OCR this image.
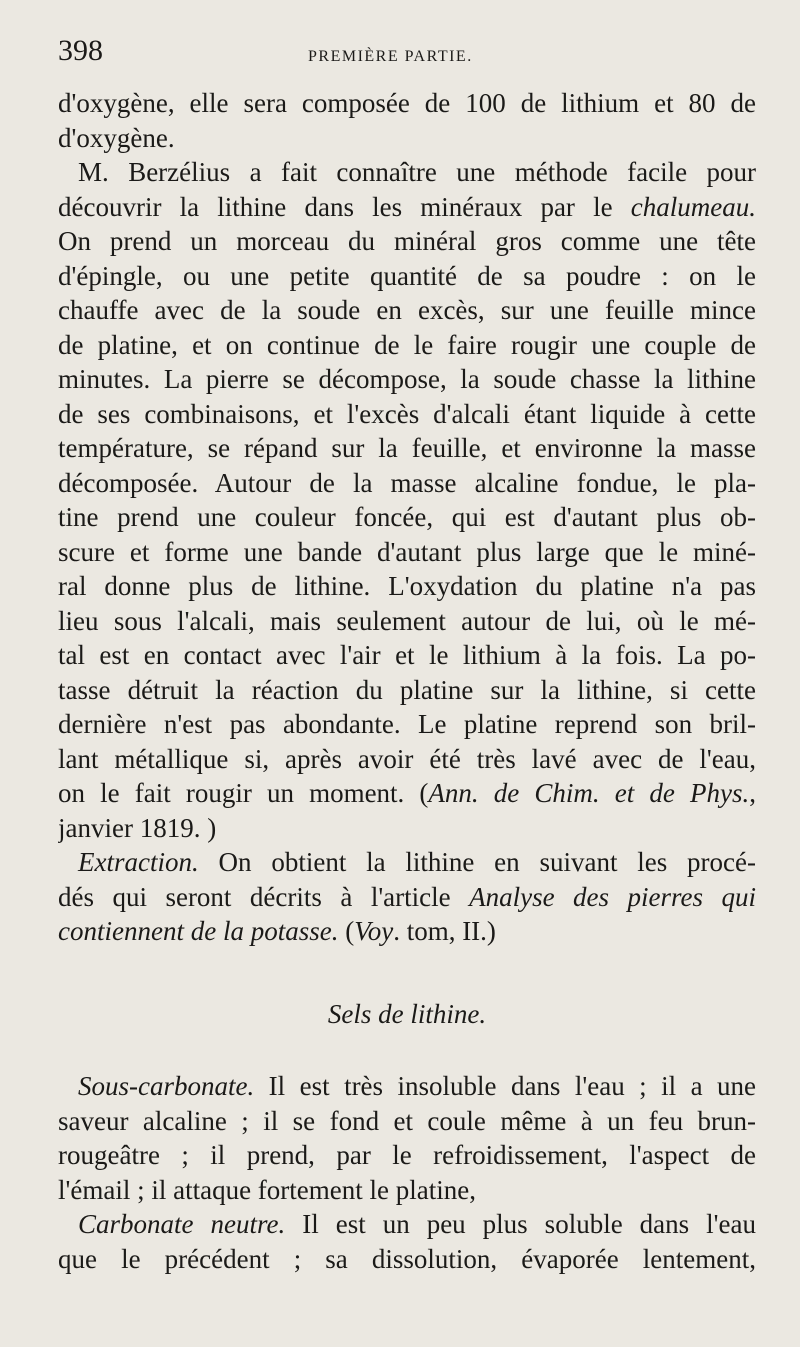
398	PREMIÈRE PARTIE.
d'oxygène, elle sera composée de 100 de lithium et 80 de
d'oxygène.
M. Berzélius a fait connaître une méthode facile pour
découvrir la lithine dans les minéraux par le chalumeau.
On prend un morceau du minéral gros comme une tête
d'épingle, ou une petite quantité de sa poudre : on le
chauffe avec de la soude en excès, sur une feuille mince
de platine, et on continue de le faire rougir une couple de
minutes. La pierre se décompose, la soude chasse la lithine
de ses combinaisons, et l'excès d'alcali étant liquide à cette
température, se répand sur la feuille, et environne la masse
décomposée. Autour de la masse alcaline fondue, le pla-
tine prend une couleur foncée, qui est d'autant plus ob-
scure et forme une bande d'autant plus large que le miné-
ral donne plus de lithine. L'oxydation du platine n'a pas
lieu sous l'alcali, mais seulement autour de lui, où le mé-
tal est en contact avec l'air et le lithium à la fois. La po-
tasse détruit la réaction du platine sur la lithine, si cette
dernière n'est pas abondante. Le platine reprend son bril-
lant métallique si, après avoir été très lavé avec de l'eau,
on le fait rougir un moment. (Ann. de Chim. et de Phys.,
janvier 1819. )
Extraction. On obtient la lithine en suivant les procé-
dés qui seront décrits à l'article Analyse des pierres qui
contiennent de la potasse. (Voy. tom, II.)
Sels de lithine.
Sous-carbonate. Il est très insoluble dans l'eau ; il a une
saveur alcaline ; il se fond et coule même à un feu brun-
rougeâtre ; il prend, par le refroidissement, l'aspect de
l'émail ; il attaque fortement le platine,
Carbonate neutre. Il est un peu plus soluble dans l'eau
que le précédent ; sa dissolution, évaporée lentement,
